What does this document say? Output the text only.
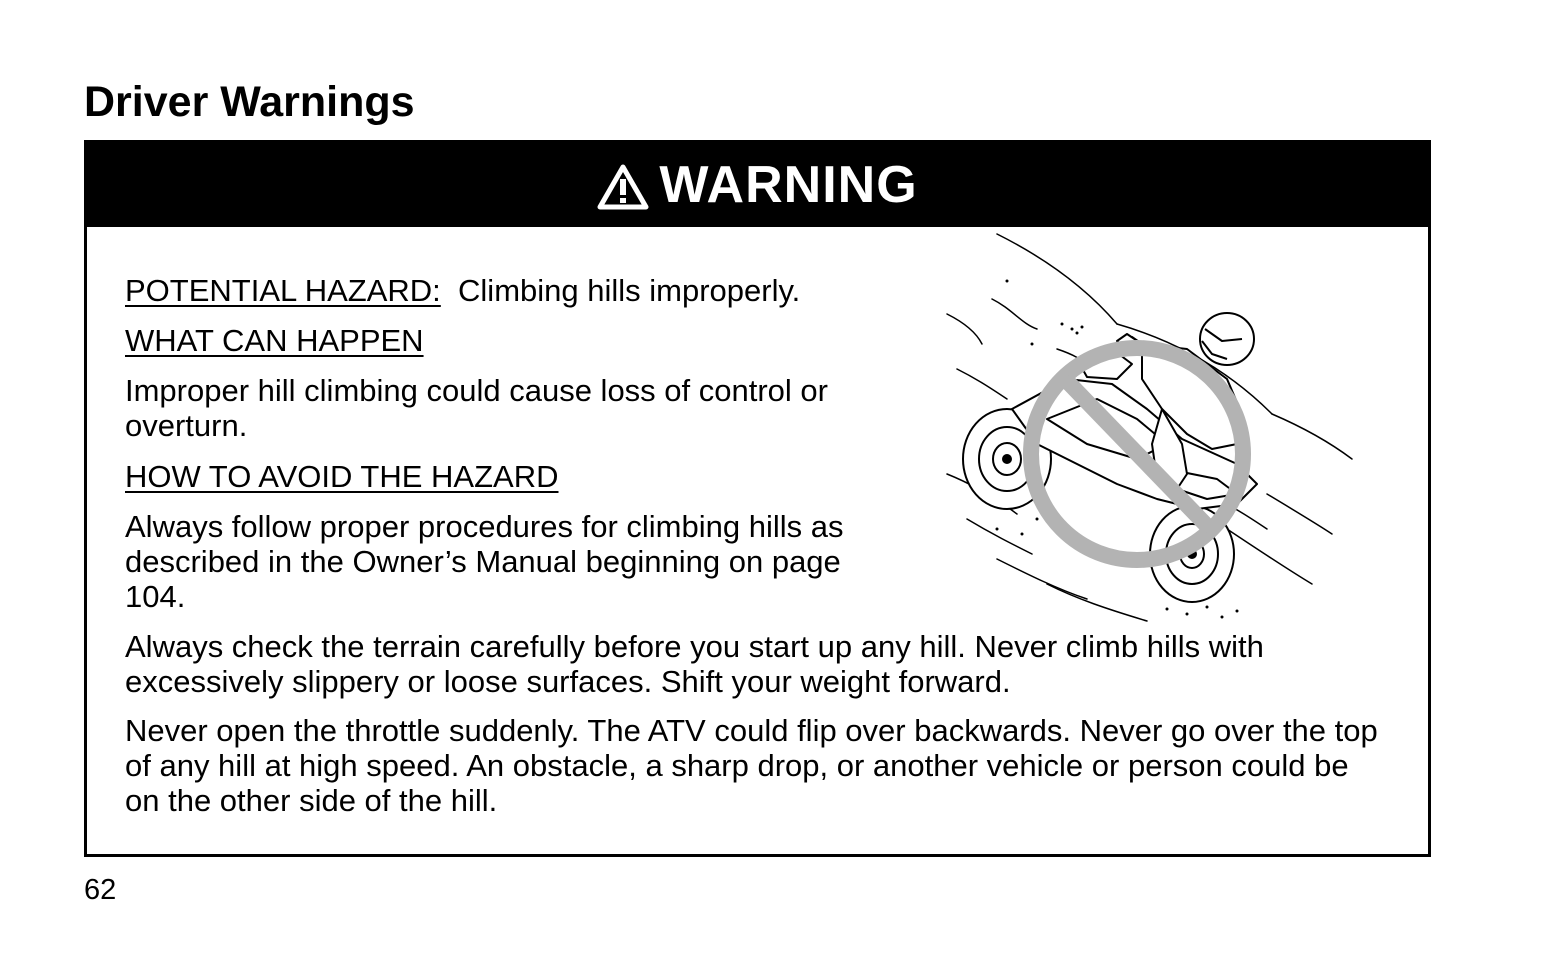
Driver Warnings
WARNING
POTENTIAL HAZARD: Climbing hills improperly.
WHAT CAN HAPPEN
Improper hill climbing could cause loss of control or overturn.
HOW TO AVOID THE HAZARD
Always follow proper procedures for climbing hills as described in the Owner’s Manual beginning on page 104.
Always check the terrain carefully before you start up any hill. Never climb hills with excessively slippery or loose surfaces. Shift your weight forward.
Never open the throttle suddenly. The ATV could flip over backwards. Never go over the top of any hill at high speed. An obstacle, a sharp drop, or another vehicle or person could be on the other side of the hill.
62
